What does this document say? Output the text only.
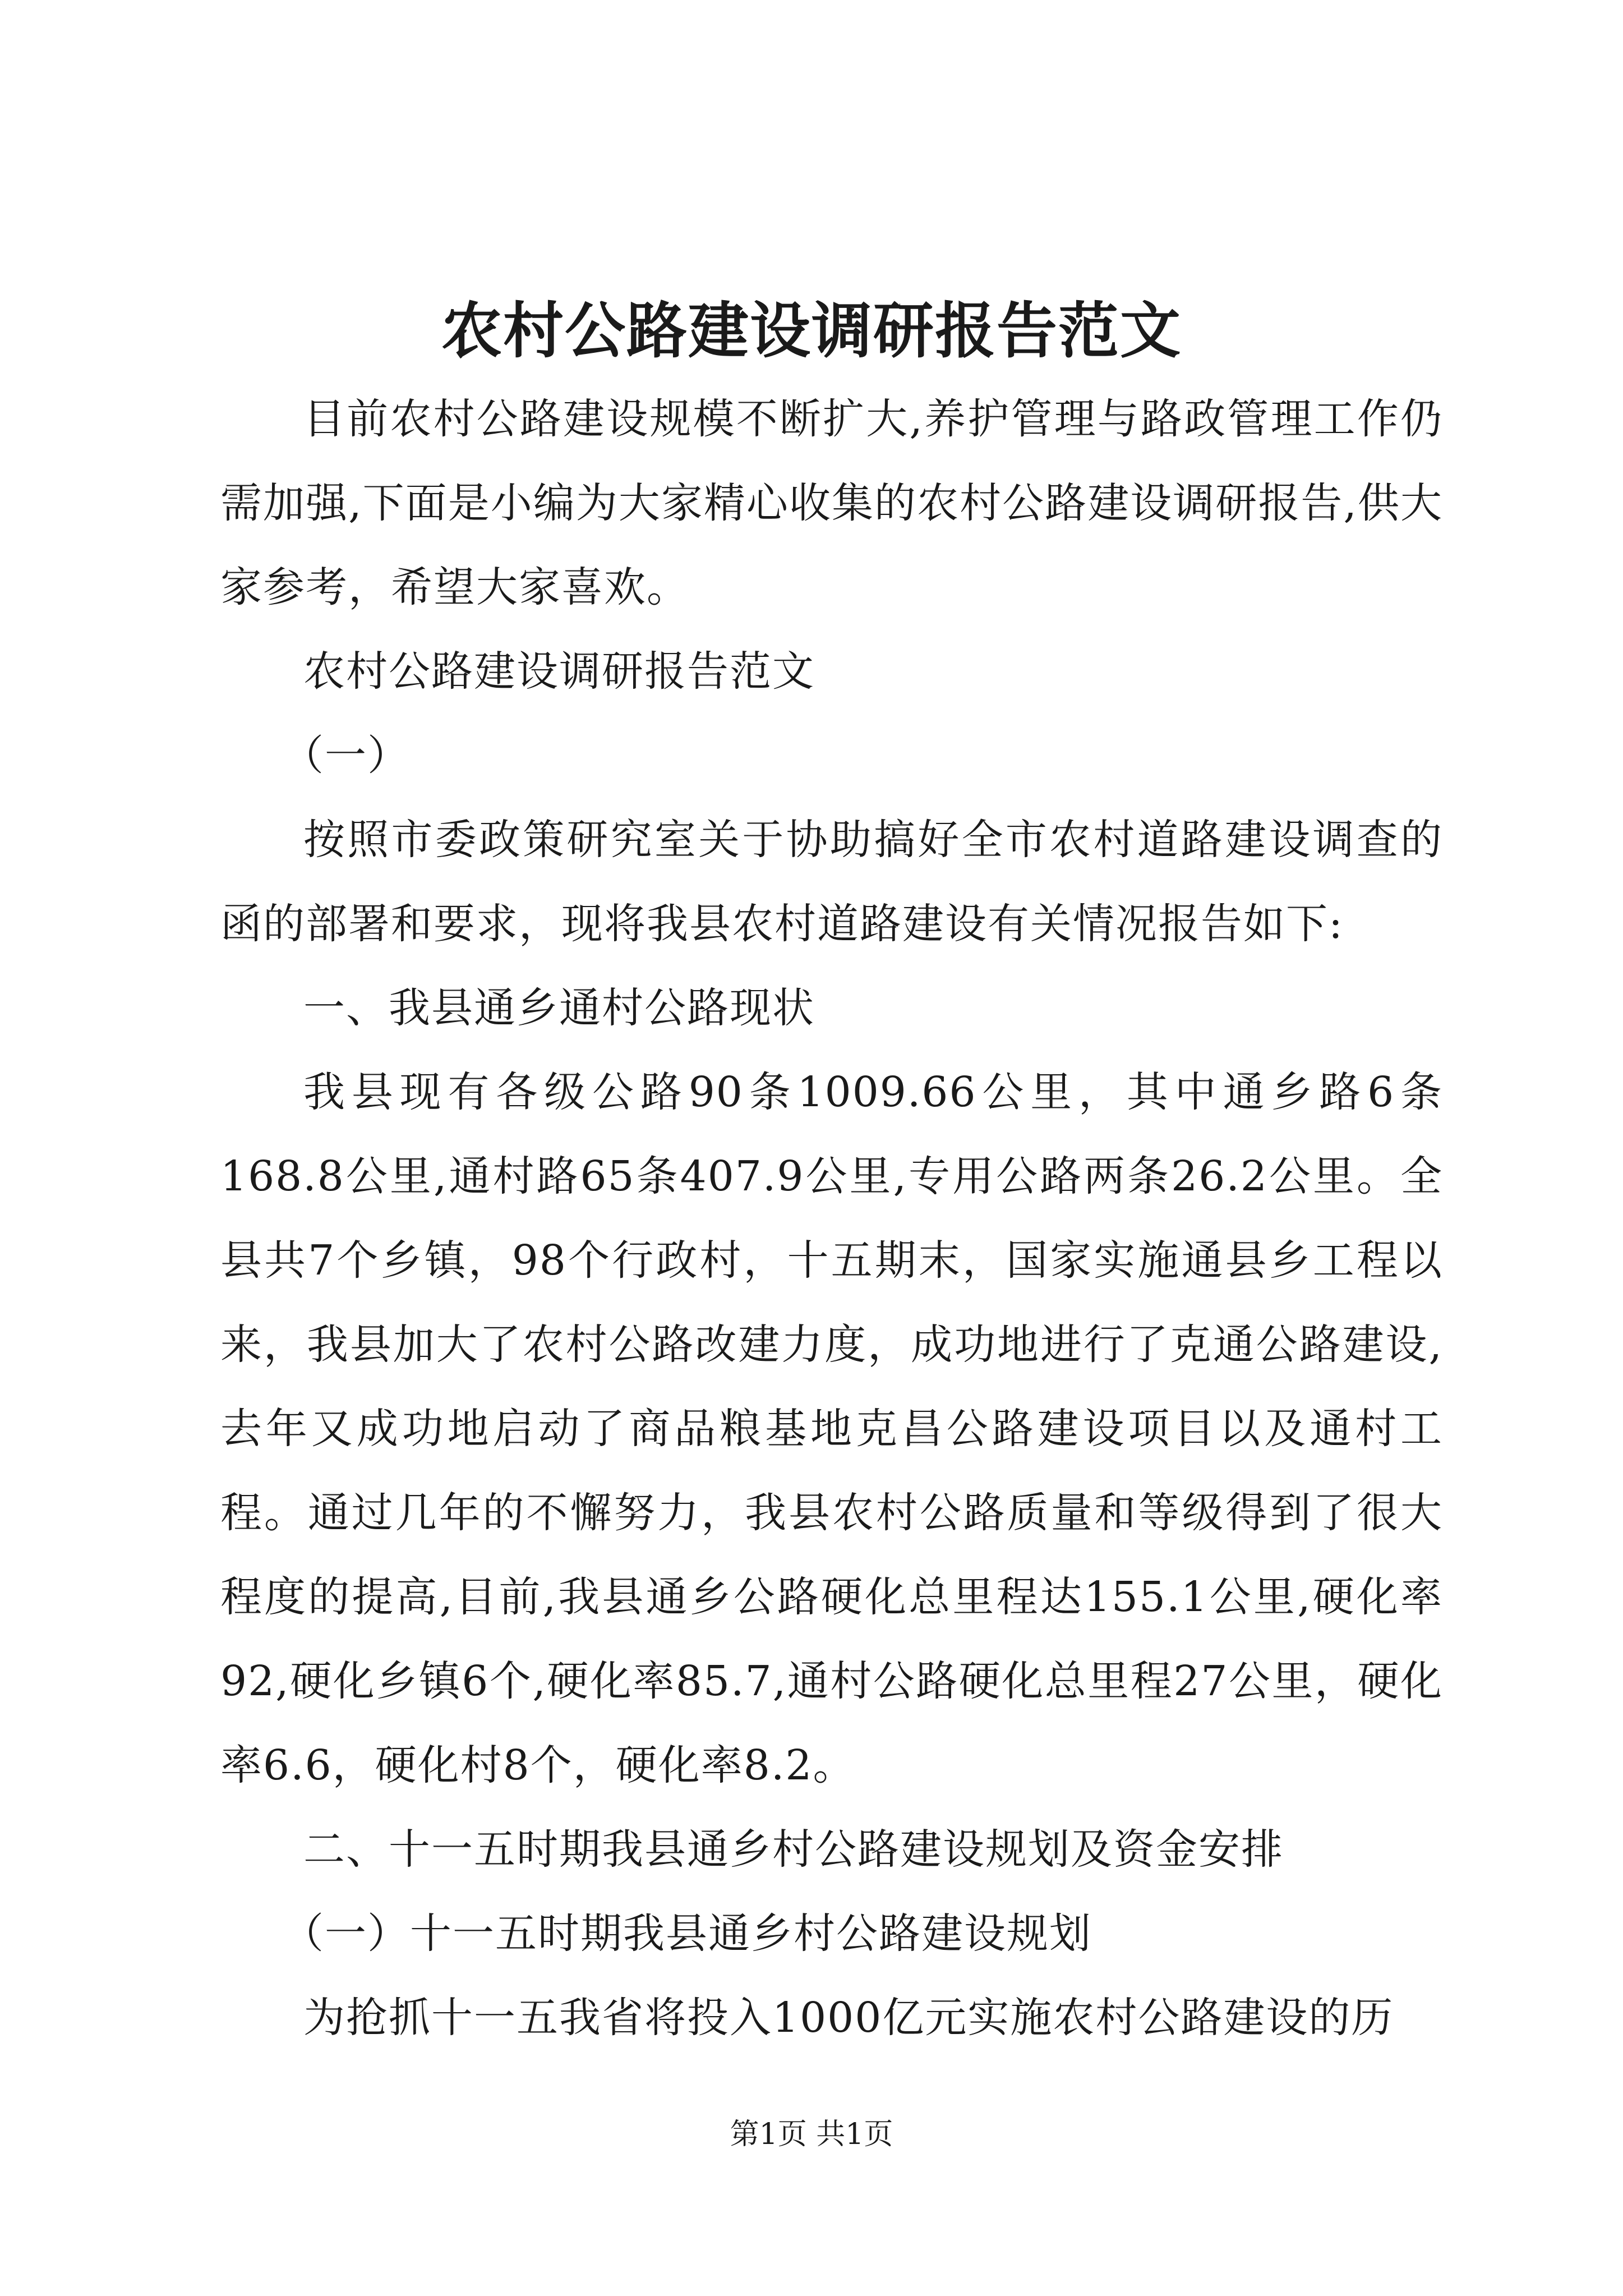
农村公路建设调研报告范文

目前农村公路建设规模不断扩大,养护管理与路政管理工作仍需加强,下面是小编为大家精心收集的农村公路建设调研报告,供大家参考，希望大家喜欢。

农村公路建设调研报告范文

（一）

按照市委政策研究室关于协助搞好全市农村道路建设调查的函的部署和要求，现将我县农村道路建设有关情况报告如下:

一、我县通乡通村公路现状

我县现有各级公路90条1009.66公里，其中通乡路6条168.8公里,通村路65条407.9公里,专用公路两条26.2公里。全县共7个乡镇，98个行政村，十五期末，国家实施通县乡工程以来，我县加大了农村公路改建力度，成功地进行了克通公路建设,去年又成功地启动了商品粮基地克昌公路建设项目以及通村工程。通过几年的不懈努力，我县农村公路质量和等级得到了很大程度的提高,目前,我县通乡公路硬化总里程达155.1公里,硬化率92,硬化乡镇6个,硬化率85.7,通村公路硬化总里程27公里，硬化率6.6，硬化村8个，硬化率8.2。

二、十一五时期我县通乡村公路建设规划及资金安排

（一）十一五时期我县通乡村公路建设规划

为抢抓十一五我省将投入1000亿元实施农村公路建设的历

第1页 共1页
